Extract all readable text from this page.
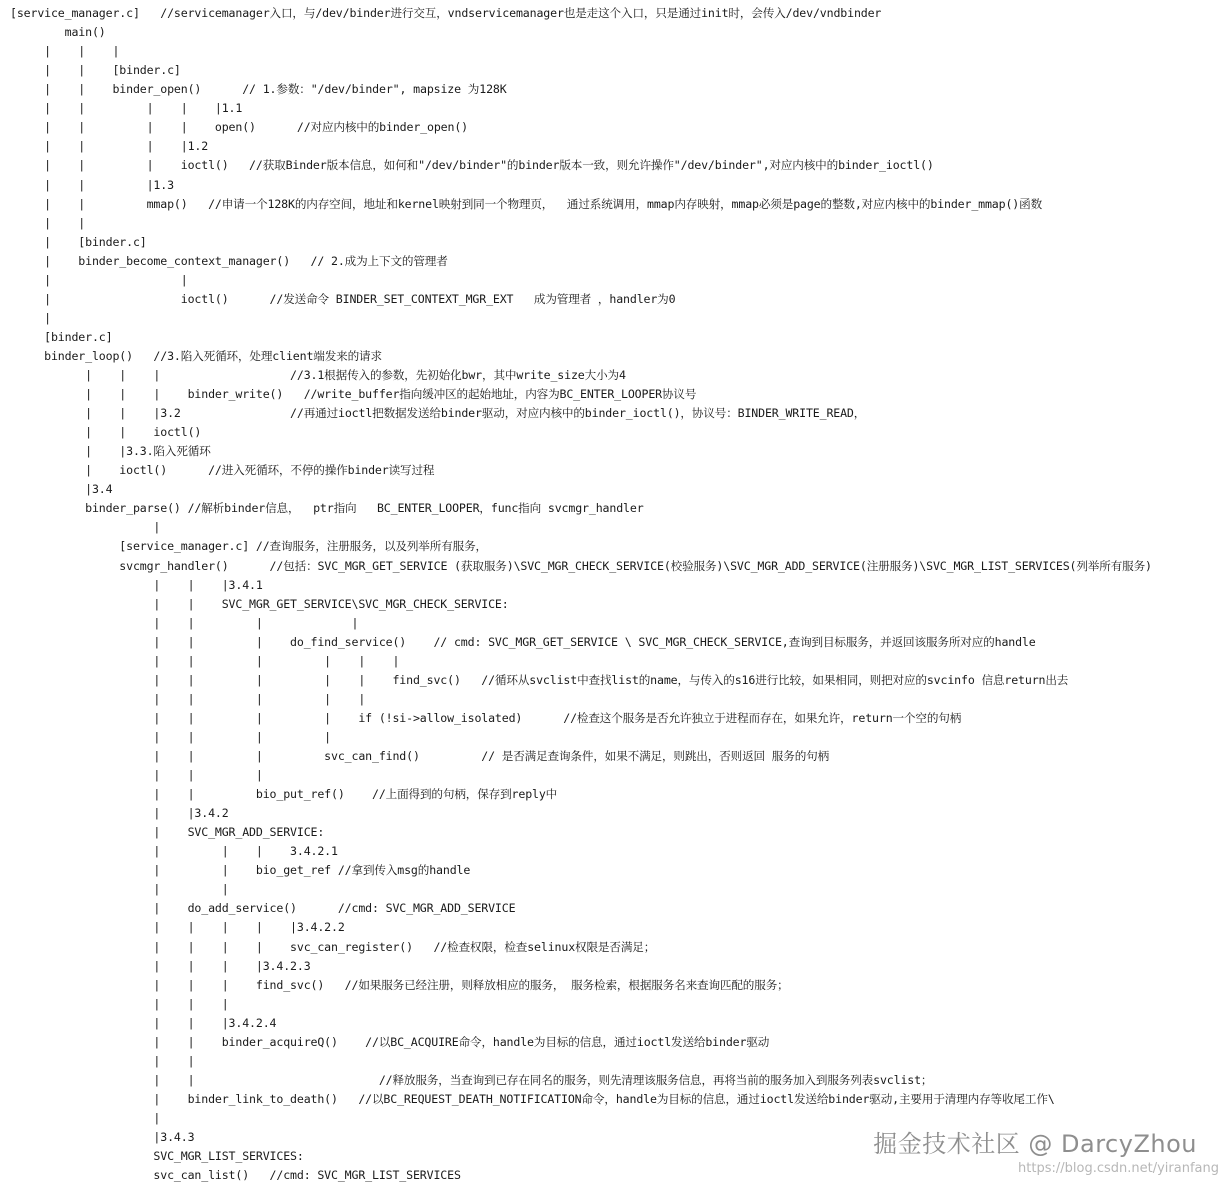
[service_manager.c]   //servicemanager入口，与/dev/binder进行交互，vndservicemanager也是走这个入口，只是通过init时，会传入/dev/vndbinder
main()
|    |    |
|    |    [binder.c]
|    |    binder_open()      // 1.参数："/dev/binder", mapsize 为128K
|    |         |    |    |1.1
|    |         |    |    open()      //对应内核中的binder_open()
|    |         |    |1.2
|    |         |    ioctl()   //获取Binder版本信息，如何和"/dev/binder"的binder版本一致，则允许操作"/dev/binder",对应内核中的binder_ioctl()
|    |         |1.3
|    |         mmap()   //申请一个128K的内存空间，地址和kernel映射到同一个物理页，  通过系统调用，mmap内存映射，mmap必须是page的整数,对应内核中的binder_mmap()函数
|    |
|    [binder.c]
|    binder_become_context_manager()   // 2.成为上下文的管理者
|                   |
|                   ioctl()      //发送命令 BINDER_SET_CONTEXT_MGR_EXT   成为管理者 ，handler为0
|
[binder.c]
binder_loop()   //3.陷入死循环，处理client端发来的请求
|    |    |                   //3.1根据传入的参数，先初始化bwr，其中write_size大小为4
|    |    |    binder_write()   //write_buffer指向缓冲区的起始地址，内容为BC_ENTER_LOOPER协议号
|    |    |3.2                //再通过ioctl把数据发送给binder驱动，对应内核中的binder_ioctl()，协议号：BINDER_WRITE_READ，
|    |    ioctl()
|    |3.3.陷入死循环
|    ioctl()      //进入死循环，不停的操作binder读写过程
|3.4
binder_parse() //解析binder信息，  ptr指向   BC_ENTER_LOOPER，func指向 svcmgr_handler
|
[service_manager.c] //查询服务，注册服务，以及列举所有服务，
svcmgr_handler()      //包括：SVC_MGR_GET_SERVICE (获取服务)\SVC_MGR_CHECK_SERVICE(校验服务)\SVC_MGR_ADD_SERVICE(注册服务)\SVC_MGR_LIST_SERVICES(列举所有服务)
|    |    |3.4.1
|    |    SVC_MGR_GET_SERVICE\SVC_MGR_CHECK_SERVICE:
|    |         |             |
|    |         |    do_find_service()    // cmd: SVC_MGR_GET_SERVICE \ SVC_MGR_CHECK_SERVICE,查询到目标服务，并返回该服务所对应的handle
|    |         |         |    |    |
|    |         |         |    |    find_svc()   //循环从svclist中查找list的name，与传入的s16进行比较，如果相同，则把对应的svcinfo 信息return出去
|    |         |         |    |
|    |         |         |    if (!si->allow_isolated)      //检查这个服务是否允许独立于进程而存在，如果允许，return一个空的句柄
|    |         |         |
|    |         |         svc_can_find()         // 是否满足查询条件，如果不满足，则跳出，否则返回 服务的句柄
|    |         |
|    |         bio_put_ref()    //上面得到的句柄，保存到reply中
|    |3.4.2
|    SVC_MGR_ADD_SERVICE:
|         |    |    3.4.2.1
|         |    bio_get_ref //拿到传入msg的handle
|         |
|    do_add_service()      //cmd: SVC_MGR_ADD_SERVICE
|    |    |    |    |3.4.2.2
|    |    |    |    svc_can_register()   //检查权限，检查selinux权限是否满足；
|    |    |    |3.4.2.3
|    |    |    find_svc()   //如果服务已经注册，则释放相应的服务， 服务检索，根据服务名来查询匹配的服务；
|    |    |
|    |    |3.4.2.4
|    |    binder_acquireQ()    //以BC_ACQUIRE命令，handle为目标的信息，通过ioctl发送给binder驱动
|    |
|    |                           //释放服务，当查询到已存在同名的服务，则先清理该服务信息，再将当前的服务加入到服务列表svclist；
|    binder_link_to_death()   //以BC_REQUEST_DEATH_NOTIFICATION命令，handle为目标的信息，通过ioctl发送给binder驱动,主要用于清理内存等收尾工作\
|
|3.4.3
SVC_MGR_LIST_SERVICES:
svc_can_list()   //cmd: SVC_MGR_LIST_SERVICES
掘金技术社区 @ DarcyZhou
https://blog.csdn.net/yiranfang
